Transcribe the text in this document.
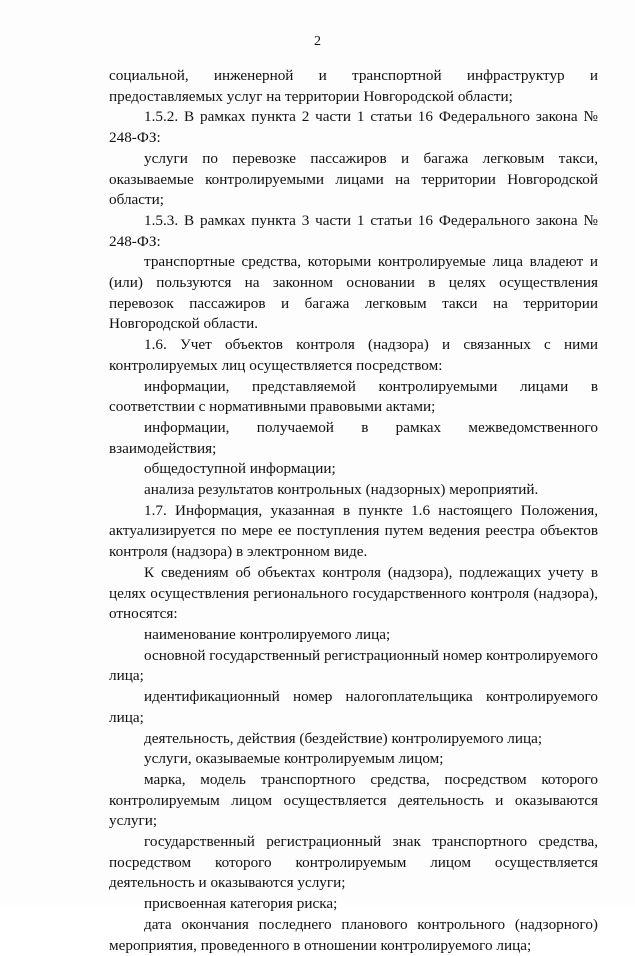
2

социальной, инженерной и транспортной инфраструктур и предоставляемых услуг на территории Новгородской области;

1.5.2. В рамках пункта 2 части 1 статьи 16 Федерального закона № 248-ФЗ:

услуги по перевозке пассажиров и багажа легковым такси, оказываемые контролируемыми лицами на территории Новгородской области;

1.5.3. В рамках пункта 3 части 1 статьи 16 Федерального закона № 248-ФЗ:

транспортные средства, которыми контролируемые лица владеют и (или) пользуются на законном основании в целях осуществления перевозок пассажиров и багажа легковым такси на территории Новгородской области.

1.6. Учет объектов контроля (надзора) и связанных с ними контролируемых лиц осуществляется посредством:

информации, представляемой контролируемыми лицами в соответствии с нормативными правовыми актами;

информации, получаемой в рамках межведомственного взаимодействия;

общедоступной информации;

анализа результатов контрольных (надзорных) мероприятий.

1.7. Информация, указанная в пункте 1.6 настоящего Положения, актуализируется по мере ее поступления путем ведения реестра объектов контроля (надзора) в электронном виде.

К сведениям об объектах контроля (надзора), подлежащих учету в целях осуществления регионального государственного контроля (надзора), относятся:

наименование контролируемого лица;

основной государственный регистрационный номер контролируемого лица;

идентификационный номер налогоплательщика контролируемого лица;

деятельность, действия (бездействие) контролируемого лица;

услуги, оказываемые контролируемым лицом;

марка, модель транспортного средства, посредством которого контролируемым лицом осуществляется деятельность и оказываются услуги;

государственный регистрационный знак транспортного средства, посредством которого контролируемым лицом осуществляется деятельность и оказываются услуги;

присвоенная категория риска;

дата окончания последнего планового контрольного (надзорного) мероприятия, проведенного в отношении контролируемого лица;
